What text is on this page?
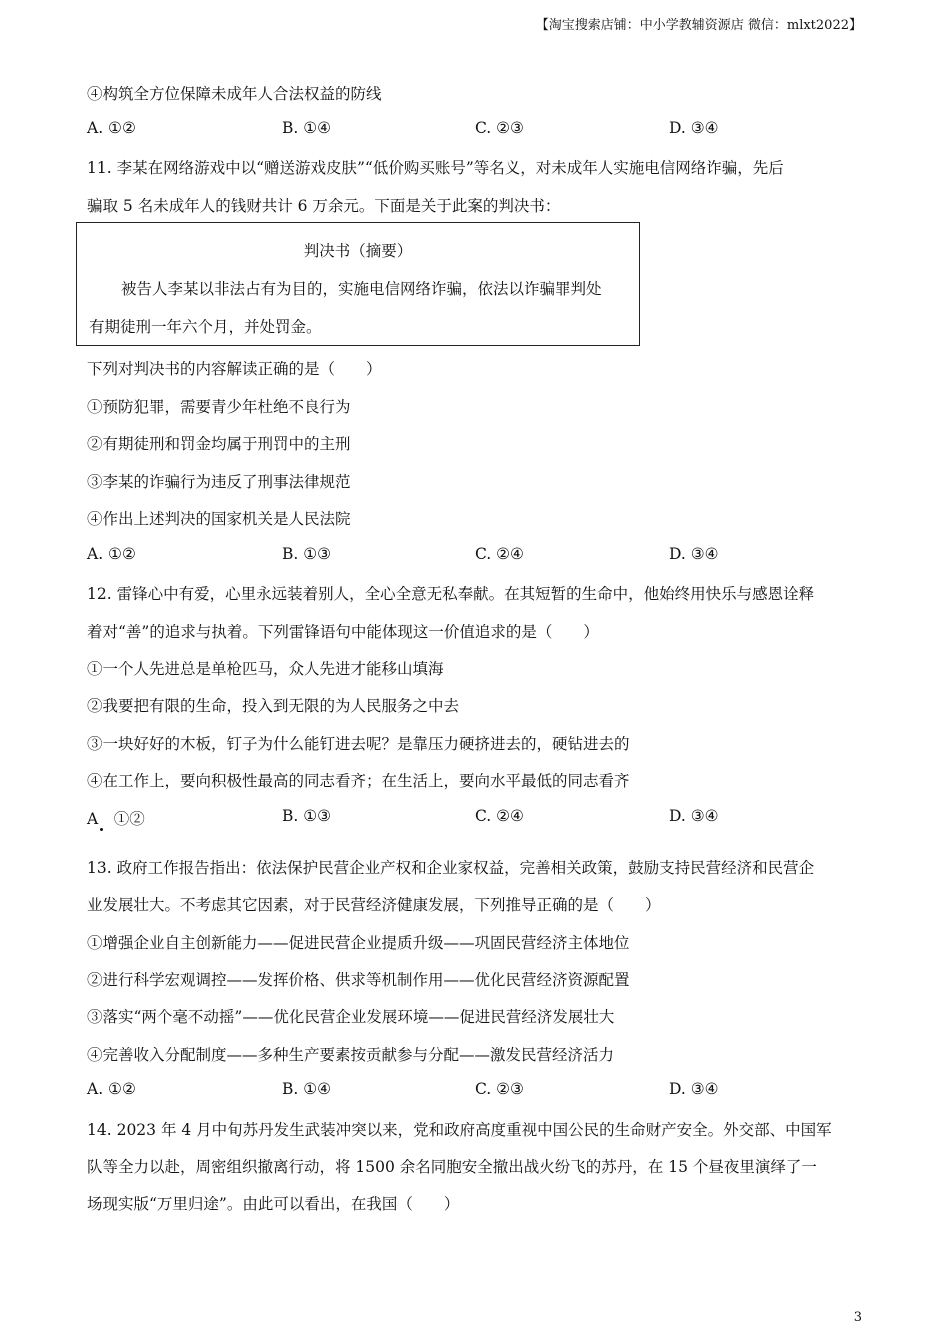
【淘宝搜索店铺：中小学教辅资源店 微信：mlxt2022】
④构筑全方位保障未成年人合法权益的防线
A. ①②	B. ①④	C. ②③	D. ③④
11. 李某在网络游戏中以“赠送游戏皮肤”“低价购买账号”等名义，对未成年人实施电信网络诈骗，先后
骗取 5 名未成年人的钱财共计 6 万余元。下面是关于此案的判决书：
判决书（摘要）
被告人李某以非法占有为目的，实施电信网络诈骗，依法以诈骗罪判处
有期徒刑一年六个月，并处罚金。
下列对判决书的内容解读正确的是（　　）
①预防犯罪，需要青少年杜绝不良行为
②有期徒刑和罚金均属于刑罚中的主刑
③李某的诈骗行为违反了刑事法律规范
④作出上述判决的国家机关是人民法院
A. ①②	B. ①③	C. ②④	D. ③④
12. 雷锋心中有爱，心里永远装着别人，全心全意无私奉献。在其短暂的生命中，他始终用快乐与感恩诠释
着对“善”的追求与执着。下列雷锋语句中能体现这一价值追求的是（　　）
①一个人先进总是单枪匹马，众人先进才能移山填海
②我要把有限的生命，投入到无限的为人民服务之中去
③一块好好的木板，钉子为什么能钉进去呢？是靠压力硬挤进去的，硬钻进去的
④在工作上，要向积极性最高的同志看齐；在生活上，要向水平最低的同志看齐
A　①②	B. ①③	C. ②④	D. ③④
13. 政府工作报告指出：依法保护民营企业产权和企业家权益，完善相关政策，鼓励支持民营经济和民营企
业发展壮大。不考虑其它因素，对于民营经济健康发展，下列推导正确的是（　　）
①增强企业自主创新能力——促进民营企业提质升级——巩固民营经济主体地位
②进行科学宏观调控——发挥价格、供求等机制作用——优化民营经济资源配置
③落实“两个毫不动摇”——优化民营企业发展环境——促进民营经济发展壮大
④完善收入分配制度——多种生产要素按贡献参与分配——激发民营经济活力
A. ①②	B. ①④	C. ②③	D. ③④
14. 2023 年 4 月中旬苏丹发生武装冲突以来，党和政府高度重视中国公民的生命财产安全。外交部、中国军
队等全力以赴，周密组织撤离行动，将 1500 余名同胞安全撤出战火纷飞的苏丹，在 15 个昼夜里演绎了一
场现实版“万里归途”。由此可以看出，在我国（　　）
3
